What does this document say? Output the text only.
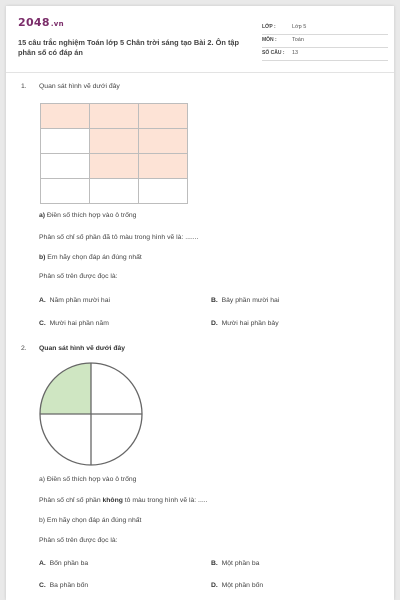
2048.vn
15 câu trắc nghiệm Toán lớp 5 Chân trời sáng tạo Bài 2. Ôn tập phân số có đáp án
LỚP :	Lớp 5
MÔN :	Toán
SỐ CÂU : 13
1. Quan sát hình vẽ dưới đây

a) Điền số thích hợp vào ô trống
Phân số chỉ số phần đã tô màu trong hình vẽ là: .......
b) Em hãy chọn đáp án đúng nhất
Phân số trên được đọc là:
A. Năm phần mười hai	B. Bảy phần mười hai
C. Mười hai phần năm	D. Mười hai phần bảy
2. Quan sát hình vẽ dưới đây
a) Điền số thích hợp vào ô trống
Phân số chỉ số phần không tô màu trong hình vẽ là: .....
b) Em hãy chọn đáp án đúng nhất
Phân số trên được đọc là:
A. Bốn phần ba	B. Một phần ba
C. Ba phần bốn	D. Một phần bốn
